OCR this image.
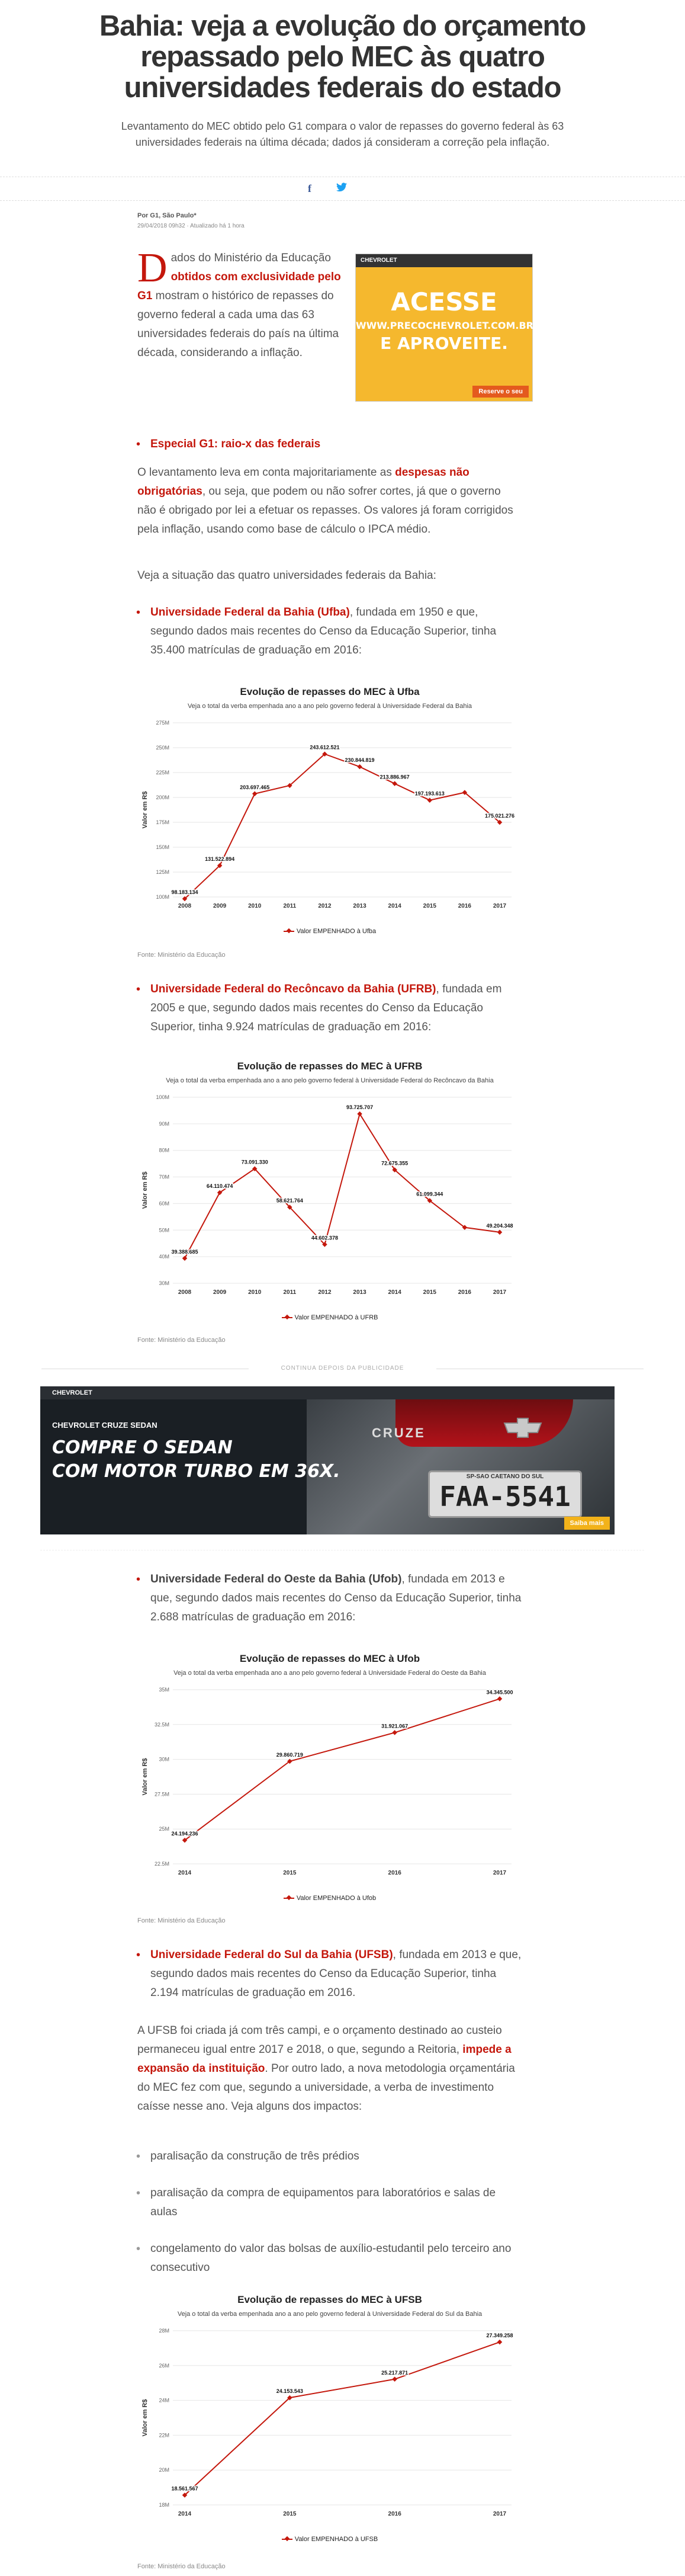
Bahia: veja a evolução do orçamento repassado pelo MEC às quatro universidades federais do estado

Levantamento do MEC obtido pelo G1 compara o valor de repasses do governo federal às 63 universidades federais na última década; dados já consideram a correção pela inflação.

f
Por G1, São Paulo*
29/04/2018 09h32 · Atualizado há 1 hora
Dados do Ministério da Educação obtidos com exclusividade pelo G1 mostram o histórico de repasses do governo federal a cada uma das 63 universidades federais do país na última década, considerando a inflação.
CHEVROLET
ACESSE
WWW.PRECOCHEVROLET.COM.BR
E APROVEITE.
Reserve o seu
• Especial G1: raio-x das federais
O levantamento leva em conta majoritariamente as despesas não obrigatórias, ou seja, que podem ou não sofrer cortes, já que o governo não é obrigado por lei a efetuar os repasses. Os valores já foram corrigidos pela inflação, usando como base de cálculo o IPCA médio.
Veja a situação das quatro universidades federais da Bahia:
• Universidade Federal da Bahia (Ufba), fundada em 1950 e que, segundo dados mais recentes do Censo da Educação Superior, tinha 35.400 matrículas de graduação em 2016:
Evolução de repasses do MEC à Ufba
Veja o total da verba empenhada ano a ano pelo governo federal à Universidade Federal da Bahia
100M
125M
150M
175M
200M
225M
250M
275M
Valor em R$
2008	2009	2010	2011	2012	2013	2014	2015	2016	2017
98.183.134
131.522.894
203.697.465
243.612.521
230.844.819
213.886.967
197.193.613
175.021.276
Valor EMPENHADO à Ufba
Fonte: Ministério da Educação
• Universidade Federal do Recôncavo da Bahia (UFRB), fundada em 2005 e que, segundo dados mais recentes do Censo da Educação Superior, tinha 9.924 matrículas de graduação em 2016:
Evolução de repasses do MEC à UFRB
Veja o total da verba empenhada ano a ano pelo governo federal à Universidade Federal do Recôncavo da Bahia
30M
40M
50M
60M
70M
80M
90M
100M
Valor em R$
2008	2009	2010	2011	2012	2013	2014	2015	2016	2017
39.388.685
64.110.474
73.091.330
58.621.764
44.602.378
93.725.707
72.675.355
61.099.344
49.204.348
Valor EMPENHADO à UFRB
Fonte: Ministério da Educação
CONTINUA DEPOIS DA PUBLICIDADE
CHEVROLET
CRUZE
SP-SAO CAETANO DO SUL
FAA-5541
CHEVROLET CRUZE SEDAN
COMPRE O SEDAN
COM MOTOR TURBO EM 36X.
Saiba mais
• Universidade Federal do Oeste da Bahia (Ufob), fundada em 2013 e que, segundo dados mais recentes do Censo da Educação Superior, tinha 2.688 matrículas de graduação em 2016:
Evolução de repasses do MEC à Ufob
Veja o total da verba empenhada ano a ano pelo governo federal à Universidade Federal do Oeste da Bahia
22.5M
25M
27.5M
30M
32.5M
35M
Valor em R$
2014	2015	2016	2017
24.194.236
29.860.719
31.921.067
34.345.500
Valor EMPENHADO à Ufob
Fonte: Ministério da Educação
• Universidade Federal do Sul da Bahia (UFSB), fundada em 2013 e que, segundo dados mais recentes do Censo da Educação Superior, tinha 2.194 matrículas de graduação em 2016.
A UFSB foi criada já com três campi, e o orçamento destinado ao custeio permaneceu igual entre 2017 e 2018, o que, segundo a Reitoria, impede a expansão da instituição. Por outro lado, a nova metodologia orçamentária do MEC fez com que, segundo a universidade, a verba de investimento caísse nesse ano. Veja alguns dos impactos:
• paralisação da construção de três prédios
• paralisação da compra de equipamentos para laboratórios e salas de aulas
• congelamento do valor das bolsas de auxílio-estudantil pelo terceiro ano consecutivo
Evolução de repasses do MEC à UFSB
Veja o total da verba empenhada ano a ano pelo governo federal à Universidade Federal do Sul da Bahia
18M
20M
22M
24M
26M
28M
Valor em R$
2014	2015	2016	2017
18.561.567
24.153.543
25.217.871
27.349.258
Valor EMPENHADO à UFSB
Fonte: Ministério da Educação
